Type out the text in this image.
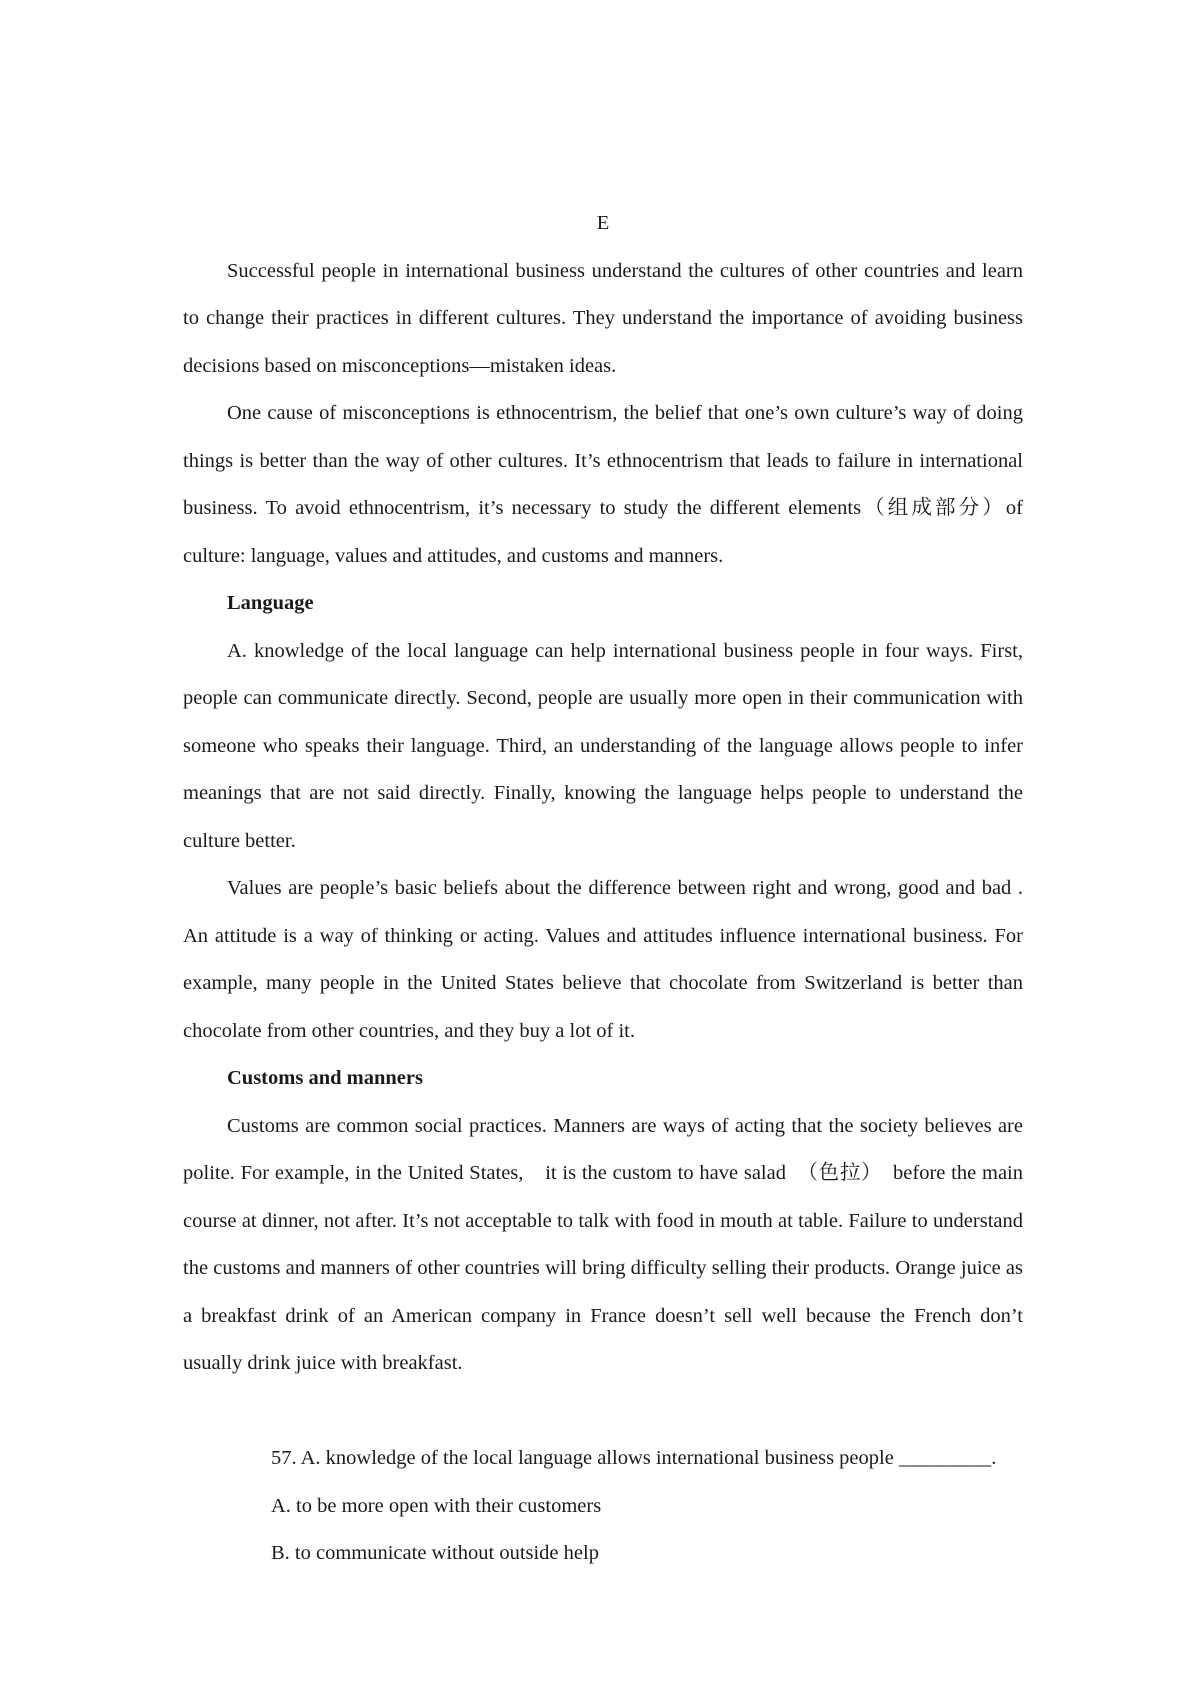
E

Successful people in international business understand the cultures of other countries and learn to change their practices in different cultures. They understand the importance of avoiding business decisions based on misconceptions—mistaken ideas.

One cause of misconceptions is ethnocentrism, the belief that one’s own culture’s way of doing things is better than the way of other cultures. It’s ethnocentrism that leads to failure in international business. To avoid ethnocentrism, it’s necessary to study the different elements（组成部分）of culture: language, values and attitudes, and customs and manners.

Language

A. knowledge of the local language can help international business people in four ways. First, people can communicate directly. Second, people are usually more open in their communication with someone who speaks their language. Third, an understanding of the language allows people to infer meanings that are not said directly. Finally, knowing the language helps people to understand the culture better.

Values are people’s basic beliefs about the difference between right and wrong, good and bad . An attitude is a way of thinking or acting. Values and attitudes influence international business. For example, many people in the United States believe that chocolate from Switzerland is better than chocolate from other countries, and they buy a lot of it.

Customs and manners

Customs are common social practices. Manners are ways of acting that the society believes are polite. For example, in the United States,　it is the custom to have salad　（色拉）　before the main course at dinner, not after. It’s not acceptable to talk with food in mouth at table. Failure to understand the customs and manners of other countries will bring difficulty selling their products. Orange juice as a breakfast drink of an American company in France doesn’t sell well because the French don’t usually drink juice with breakfast.

57. A. knowledge of the local language allows international business people _________.

A. to be more open with their customers

B. to communicate without outside help
